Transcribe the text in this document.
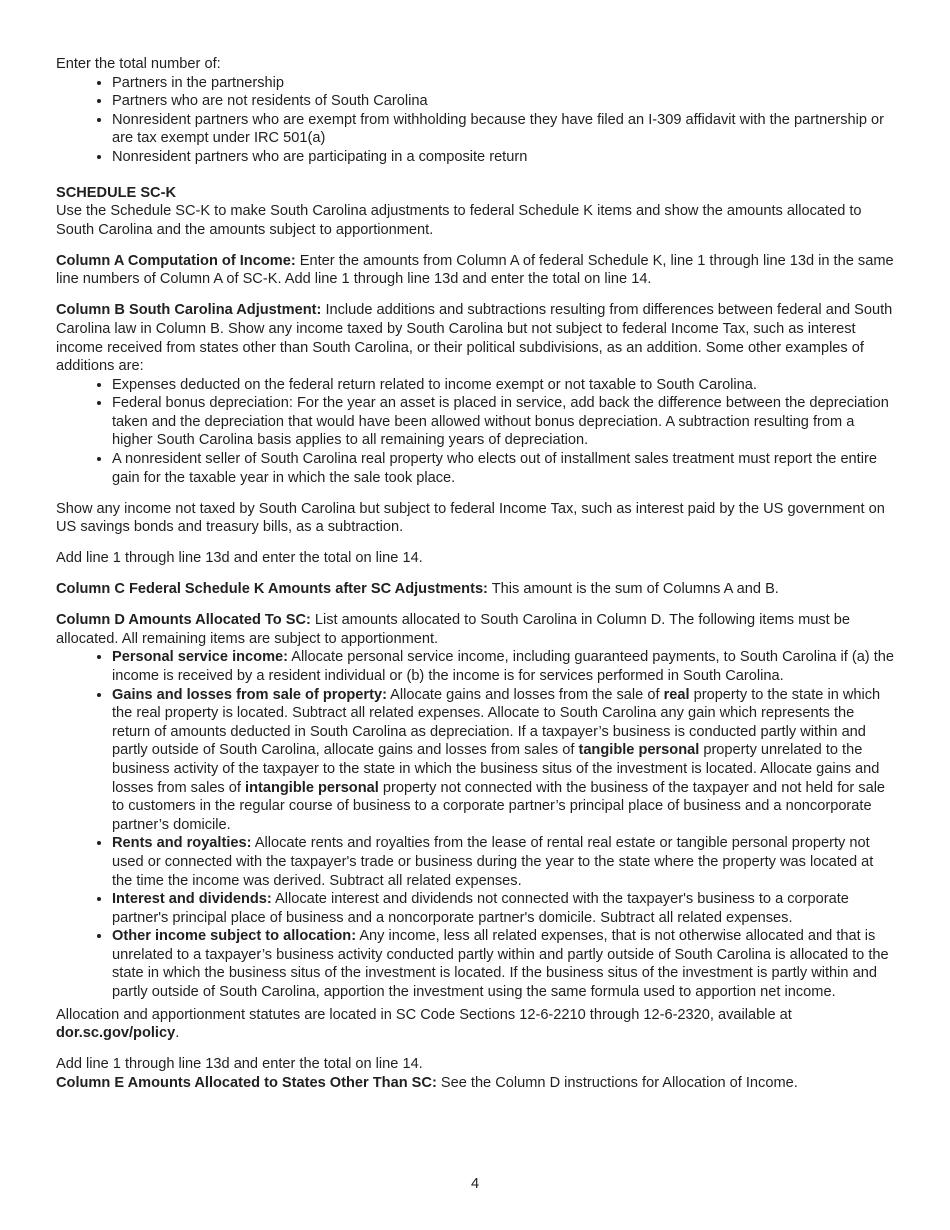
Enter the total number of:

• Partners in the partnership
• Partners who are not residents of South Carolina
• Nonresident partners who are exempt from withholding because they have filed an I-309 affidavit with the partnership or are tax exempt under IRC 501(a)
• Nonresident partners who are participating in a composite return

SCHEDULE SC-K

Use the Schedule SC-K to make South Carolina adjustments to federal Schedule K items and show the amounts allocated to South Carolina and the amounts subject to apportionment.

Column A Computation of Income: Enter the amounts from Column A of federal Schedule K, line 1 through line 13d in the same line numbers of Column A of SC-K. Add line 1 through line 13d and enter the total on line 14.

Column B South Carolina Adjustment: Include additions and subtractions resulting from differences between federal and South Carolina law in Column B. Show any income taxed by South Carolina but not subject to federal Income Tax, such as interest income received from states other than South Carolina, or their political subdivisions, as an addition. Some other examples of additions are:

• Expenses deducted on the federal return related to income exempt or not taxable to South Carolina.
• Federal bonus depreciation: For the year an asset is placed in service, add back the difference between the depreciation taken and the depreciation that would have been allowed without bonus depreciation. A subtraction resulting from a higher South Carolina basis applies to all remaining years of depreciation.
• A nonresident seller of South Carolina real property who elects out of installment sales treatment must report the entire gain for the taxable year in which the sale took place.

Show any income not taxed by South Carolina but subject to federal Income Tax, such as interest paid by the US government on US savings bonds and treasury bills, as a subtraction.

Add line 1 through line 13d and enter the total on line 14.

Column C Federal Schedule K Amounts after SC Adjustments: This amount is the sum of Columns A and B.

Column D Amounts Allocated To SC: List amounts allocated to South Carolina in Column D. The following items must be allocated. All remaining items are subject to apportionment.

• Personal service income: Allocate personal service income, including guaranteed payments, to South Carolina if (a) the income is received by a resident individual or (b) the income is for services performed in South Carolina.
• Gains and losses from sale of property: Allocate gains and losses from the sale of real property to the state in which the real property is located. Subtract all related expenses. Allocate to South Carolina any gain which represents the return of amounts deducted in South Carolina as depreciation. If a taxpayer’s business is conducted partly within and partly outside of South Carolina, allocate gains and losses from sales of tangible personal property unrelated to the business activity of the taxpayer to the state in which the business situs of the investment is located. Allocate gains and losses from sales of intangible personal property not connected with the business of the taxpayer and not held for sale to customers in the regular course of business to a corporate partner’s principal place of business and a noncorporate partner’s domicile.
• Rents and royalties: Allocate rents and royalties from the lease of rental real estate or tangible personal property not used or connected with the taxpayer's trade or business during the year to the state where the property was located at the time the income was derived. Subtract all related expenses.
• Interest and dividends: Allocate interest and dividends not connected with the taxpayer's business to a corporate partner's principal place of business and a noncorporate partner's domicile. Subtract all related expenses.
• Other income subject to allocation: Any income, less all related expenses, that is not otherwise allocated and that is unrelated to a taxpayer’s business activity conducted partly within and partly outside of South Carolina is allocated to the state in which the business situs of the investment is located. If the business situs of the investment is partly within and partly outside of South Carolina, apportion the investment using the same formula used to apportion net income.

Allocation and apportionment statutes are located in SC Code Sections 12-6-2210 through 12-6-2320, available at dor.sc.gov/policy.

Add line 1 through line 13d and enter the total on line 14.

Column E Amounts Allocated to States Other Than SC: See the Column D instructions for Allocation of Income.

4
